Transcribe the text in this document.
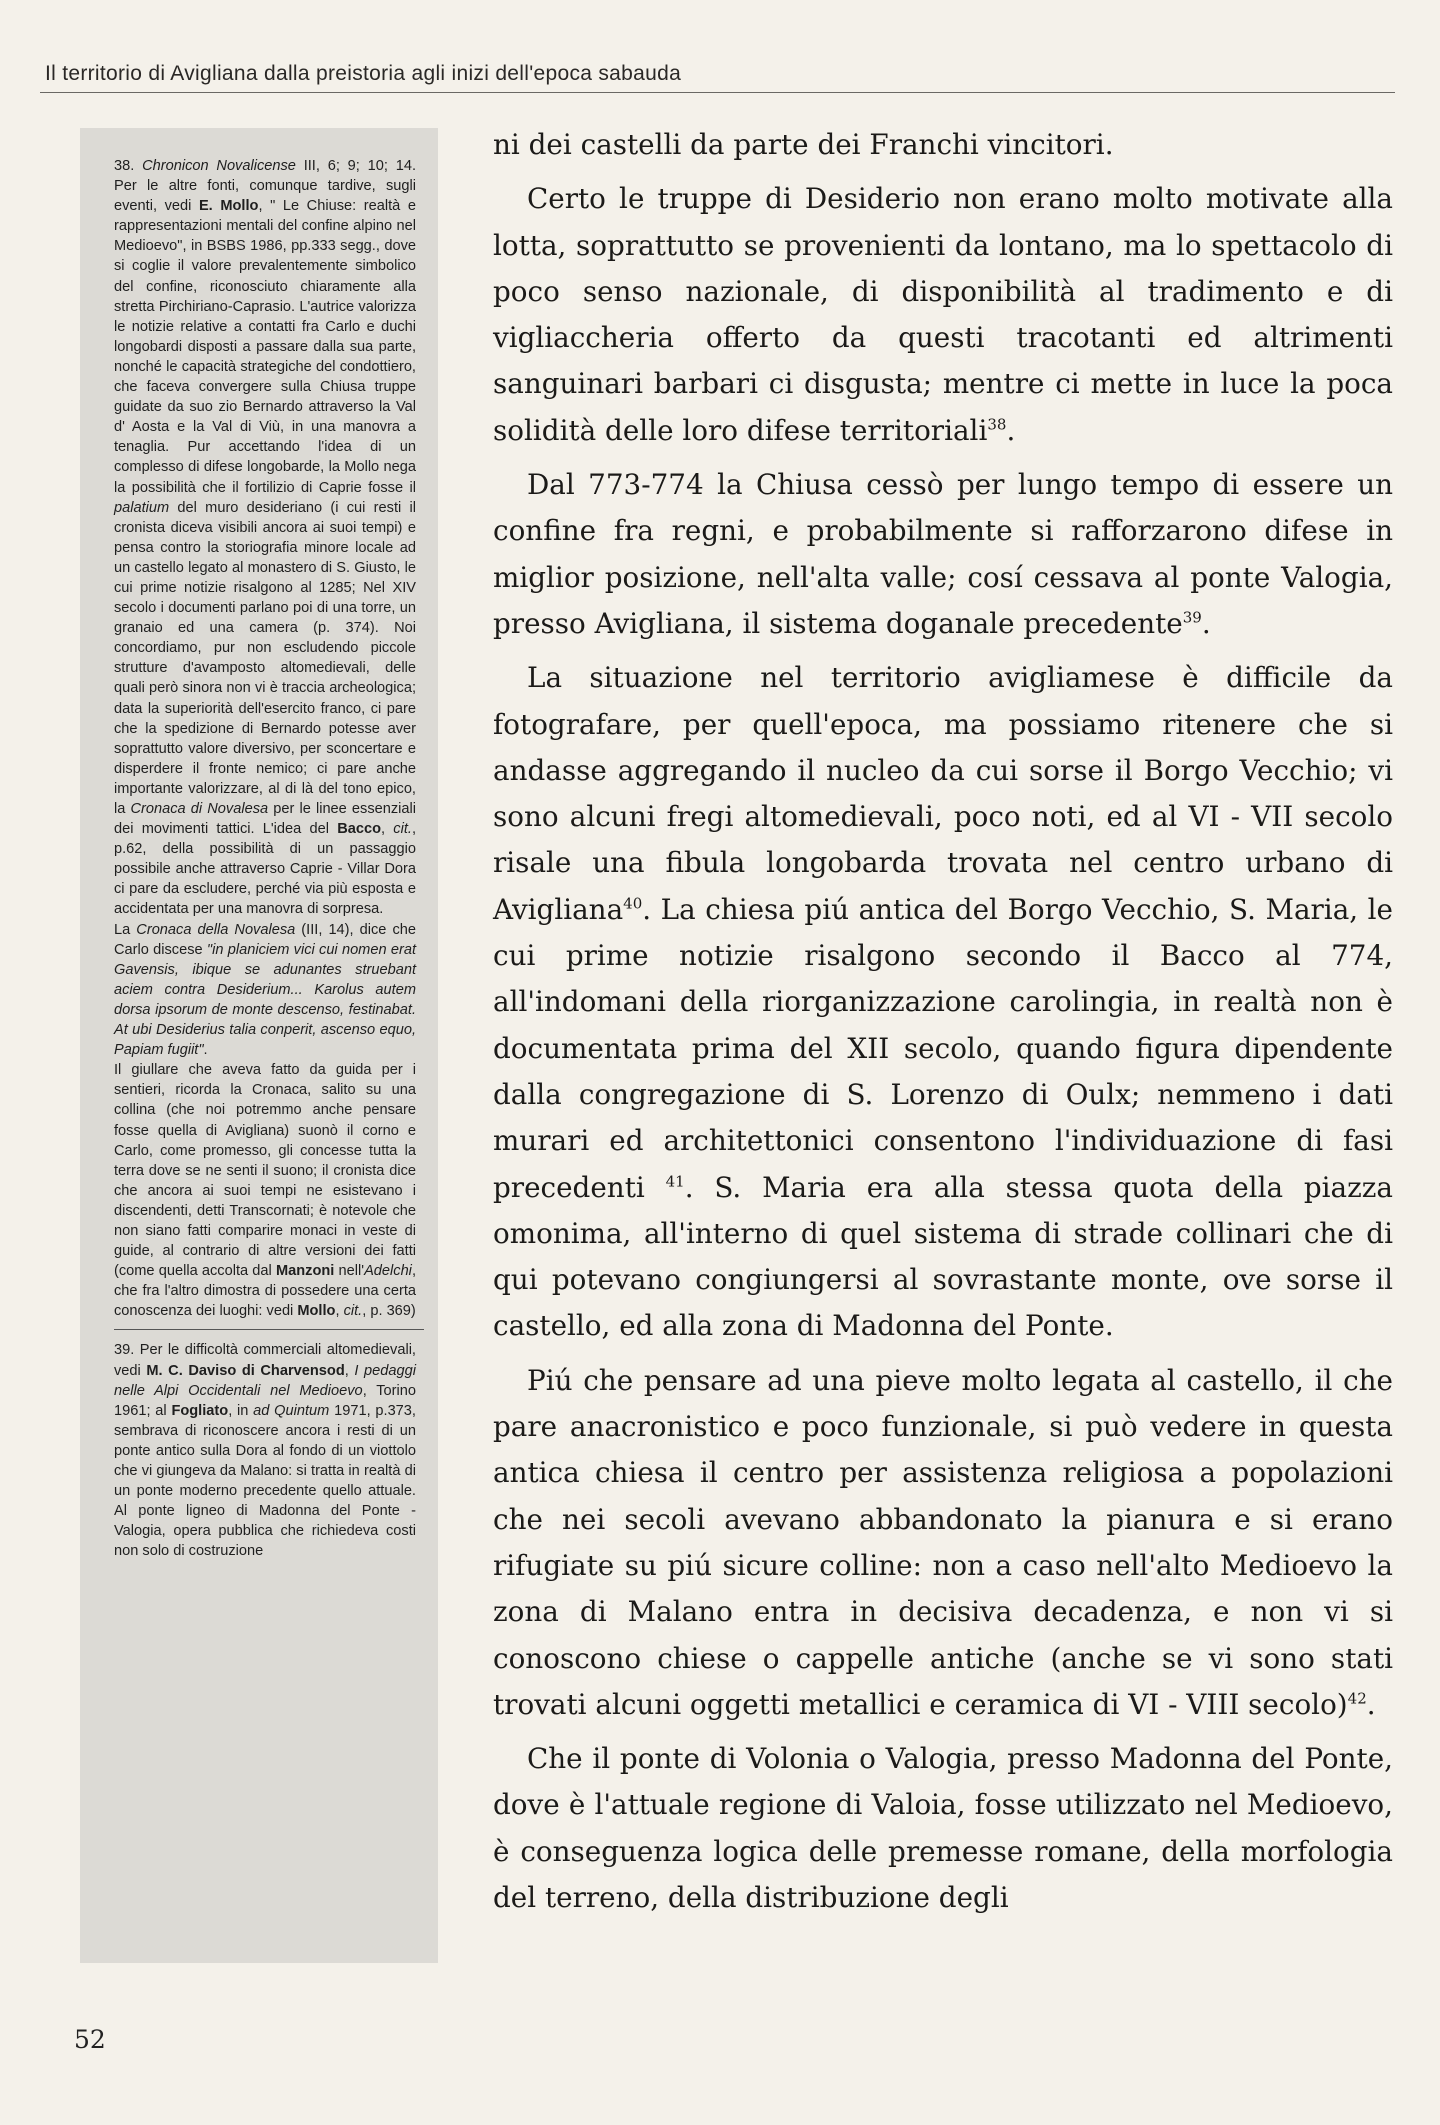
Il territorio di Avigliana dalla preistoria agli inizi dell'epoca sabauda

38. Chronicon Novalicense III, 6; 9; 10; 14. Per le altre fonti, comunque tardive, sugli eventi, vedi E. Mollo, " Le Chiuse: realtà e rappresentazioni mentali del confine alpino nel Medioevo", in BSBS 1986, pp.333 segg., dove si coglie il valore prevalentemente simbolico del confine, riconosciuto chiaramente alla stretta Pirchiriano-Caprasio. L'autrice valorizza le notizie relative a contatti fra Carlo e duchi longobardi disposti a passare dalla sua parte, nonché le capacità strategiche del condottiero, che faceva convergere sulla Chiusa truppe guidate da suo zio Bernardo attraverso la Val d' Aosta e la Val di Viù, in una manovra a tenaglia. Pur accettando l'idea di un complesso di difese longobarde, la Mollo nega la possibilità che il fortilizio di Caprie fosse il palatium del muro desideriano (i cui resti il cronista diceva visibili ancora ai suoi tempi) e pensa contro la storiografia minore locale ad un castello legato al monastero di S. Giusto, le cui prime notizie risalgono al 1285; Nel XIV secolo i documenti parlano poi di una torre, un granaio ed una camera (p. 374). Noi concordiamo, pur non escludendo piccole strutture d'avamposto altomedievali, delle quali però sinora non vi è traccia archeologica; data la superiorità dell'esercito franco, ci pare che la spedizione di Bernardo potesse aver soprattutto valore diversivo, per sconcertare e disperdere il fronte nemico; ci pare anche importante valorizzare, al di là del tono epico, la Cronaca di Novalesa per le linee essenziali dei movimenti tattici. L'idea del Bacco, cit., p.62, della possibilità di un passaggio possibile anche attraverso Caprie - Villar Dora ci pare da escludere, perché via più esposta e accidentata per una manovra di sorpresa.

La Cronaca della Novalesa (III, 14), dice che Carlo discese "in planiciem vici cui nomen erat Gavensis, ibique se adunantes struebant aciem contra Desiderium... Karolus autem dorsa ipsorum de monte descenso, festinabat. At ubi Desiderius talia conperit, ascenso equo, Papiam fugiit".

Il giullare che aveva fatto da guida per i sentieri, ricorda la Cronaca, salito su una collina (che noi potremmo anche pensare fosse quella di Avigliana) suonò il corno e Carlo, come promesso, gli concesse tutta la terra dove se ne senti il suono; il cronista dice che ancora ai suoi tempi ne esistevano i discendenti, detti Transcornati; è notevole che non siano fatti comparire monaci in veste di guide, al contrario di altre versioni dei fatti (come quella accolta dal Manzoni nell'Adelchi, che fra l'altro dimostra di possedere una certa conoscenza dei luoghi: vedi Mollo, cit., p. 369)

39. Per le difficoltà commerciali altomedievali, vedi M. C. Daviso di Charvensod, I pedaggi nelle Alpi Occidentali nel Medioevo, Torino 1961; al Fogliato, in ad Quintum 1971, p.373, sembrava di riconoscere ancora i resti di un ponte antico sulla Dora al fondo di un viottolo che vi giungeva da Malano: si tratta in realtà di un ponte moderno precedente quello attuale. Al ponte ligneo di Madonna del Ponte - Valogia, opera pubblica che richiedeva costi non solo di costruzione

ni dei castelli da parte dei Franchi vincitori.

Certo le truppe di Desiderio non erano molto motivate alla lotta, soprattutto se provenienti da lontano, ma lo spettacolo di poco senso nazionale, di disponibilità al tradimento e di vigliaccheria offerto da questi tracotanti ed altrimenti sanguinari barbari ci disgusta; mentre ci mette in luce la poca solidità delle loro difese territoriali$^{38}$.

Dal 773-774 la Chiusa cessò per lungo tempo di essere un confine fra regni, e probabilmente si rafforzarono difese in miglior posizione, nell'alta valle; cosí cessava al ponte Valogia, presso Avigliana, il sistema doganale precedente$^{39}$.

La situazione nel territorio avigliamese è difficile da fotografare, per quell'epoca, ma possiamo ritenere che si andasse aggregando il nucleo da cui sorse il Borgo Vecchio; vi sono alcuni fregi altomedievali, poco noti, ed al VI - VII secolo risale una fibula longobarda trovata nel centro urbano di Avigliana$^{40}$. La chiesa piú antica del Borgo Vecchio, S. Maria, le cui prime notizie risalgono secondo il Bacco al 774, all'indomani della riorganizzazione carolingia, in realtà non è documentata prima del XII secolo, quando figura dipendente dalla congregazione di S. Lorenzo di Oulx; nemmeno i dati murari ed architettonici consentono l'individuazione di fasi precedenti $^{41}$. S. Maria era alla stessa quota della piazza omonima, all'interno di quel sistema di strade collinari che di qui potevano congiungersi al sovrastante monte, ove sorse il castello, ed alla zona di Madonna del Ponte.

Piú che pensare ad una pieve molto legata al castello, il che pare anacronistico e poco funzionale, si può vedere in questa antica chiesa il centro per assistenza religiosa a popolazioni che nei secoli avevano abbandonato la pianura e si erano rifugiate su piú sicure colline: non a caso nell'alto Medioevo la zona di Malano entra in decisiva decadenza, e non vi si conoscono chiese o cappelle antiche (anche se vi sono stati trovati alcuni oggetti metallici e ceramica di VI - VIII secolo)$^{42}$.

Che il ponte di Volonia o Valogia, presso Madonna del Ponte, dove è l'attuale regione di Valoia, fosse utilizzato nel Medioevo, è conseguenza logica delle premesse romane, della morfologia del terreno, della distribuzione degli

52
